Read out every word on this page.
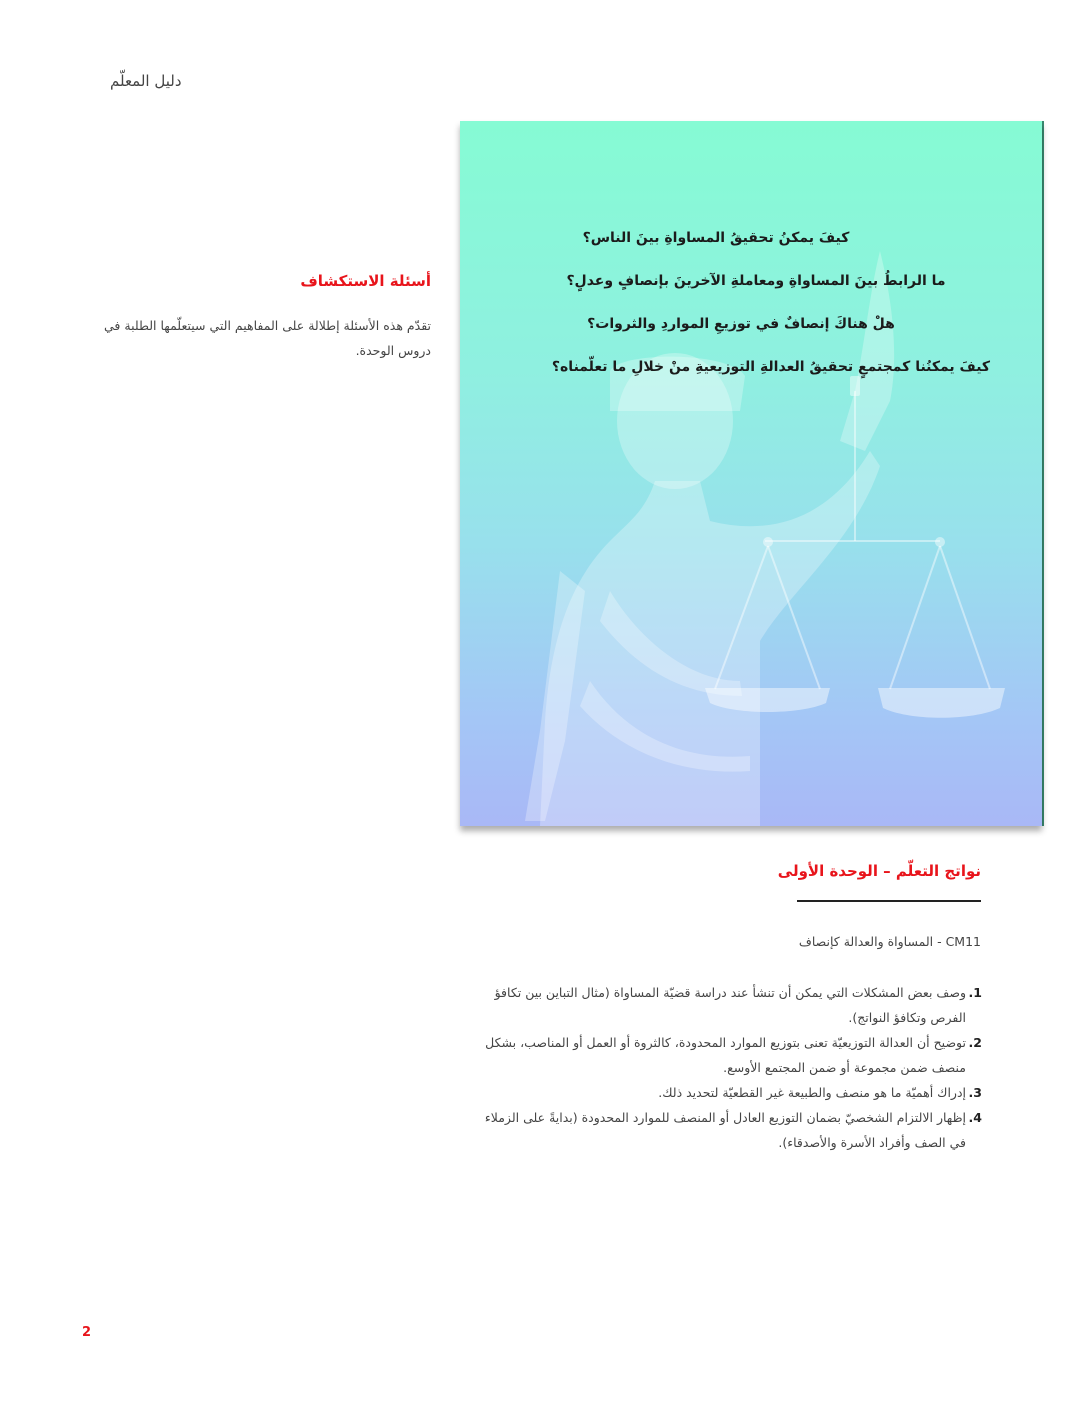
دليل المعلّم
كيفَ يمكنُ تحقيقُ المساواةِ بينَ الناس؟
ما الرابطُ بينَ المساواةِ ومعاملةِ الآخرينَ بإنصافٍ وعدلٍ؟
هلْ هناكَ إنصافٌ في توزيعِ المواردِ والثروات؟
كيفَ يمكنُنا كمجتمعٍ تحقيقُ العدالةِ التوزيعيةِ منْ خلالِ ما تعلّمناه؟
أسئلة الاستكشاف
تقدّم هذه الأسئلة إطلالة على المفاهيم التي سيتعلّمها الطلبة في دروس الوحدة.
نواتج التعلّم – الوحدة الأولى
CM11 - المساواة والعدالة كإنصاف
1.
وصف بعض المشكلات التي يمكن أن تنشأ عند دراسة قضيّة المساواة (مثال التباين بين تكافؤ الفرص وتكافؤ النواتج).
2.
توضيح أن العدالة التوزيعيّة تعنى بتوزيع الموارد المحدودة، كالثروة أو العمل أو المناصب، بشكل منصف ضمن مجموعة أو ضمن المجتمع الأوسع.
3.
إدراك أهميّة ما هو منصف والطبيعة غير القطعيّة لتحديد ذلك.
4.
إظهار الالتزام الشخصيّ بضمان التوزيع العادل أو المنصف للموارد المحدودة (بدايةً على الزملاء في الصف وأفراد الأسرة والأصدقاء).
2
